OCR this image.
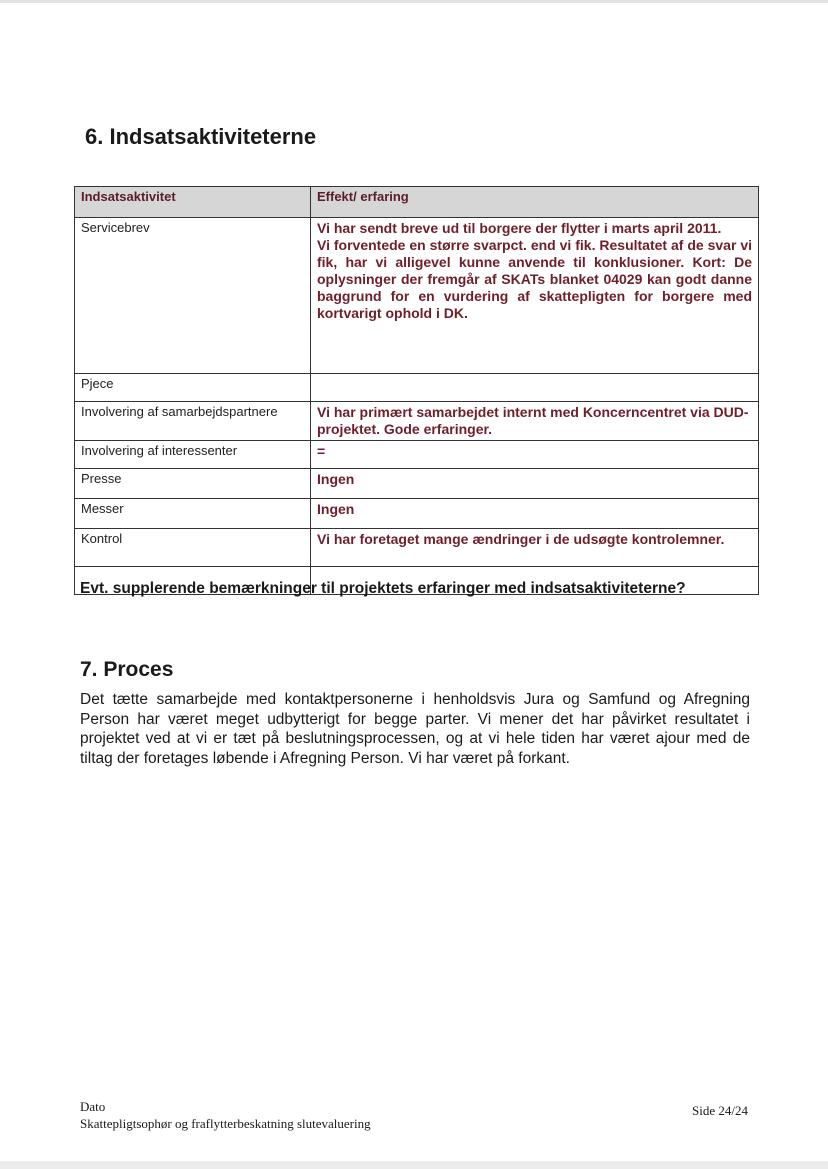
6. Indsatsaktiviteterne
Indsatsaktivitet	Effekt/ erfaring
Servicebrev	Vi har sendt breve ud til borgere der flytter i marts april 2011.
Vi forventede en større svarpct. end vi fik. Resultatet af de svar vi fik, har vi alligevel kunne anvende til konklusioner. Kort: De oplysninger der fremgår af SKATs blanket 04029 kan godt danne baggrund for en vurdering af skattepligten for borgere med kortvarigt ophold i DK.
Pjece	
Involvering af samarbejdspartnere	Vi har primært samarbejdet internt med Koncerncentret via DUD-projektet. Gode erfaringer.
Involvering af interessenter	=
Presse	Ingen
Messer	Ingen
Kontrol	Vi har foretaget mange ændringer i de udsøgte kontrolemner.

Evt. supplerende bemærkninger til projektets erfaringer med indsatsaktiviteterne?

7. Proces

Det tætte samarbejde med kontaktpersonerne i henholdsvis Jura og Samfund og Afregning Person har været meget udbytterigt for begge parter. Vi mener det har påvirket resultatet i projektet ved at vi er tæt på beslutningsprocessen, og at vi hele tiden har været ajour med de tiltag der foretages løbende i Afregning Person. Vi har været på forkant.

Dato
Skattepligtsophør og fraflytterbeskatning slutevaluering
Side 24/24
